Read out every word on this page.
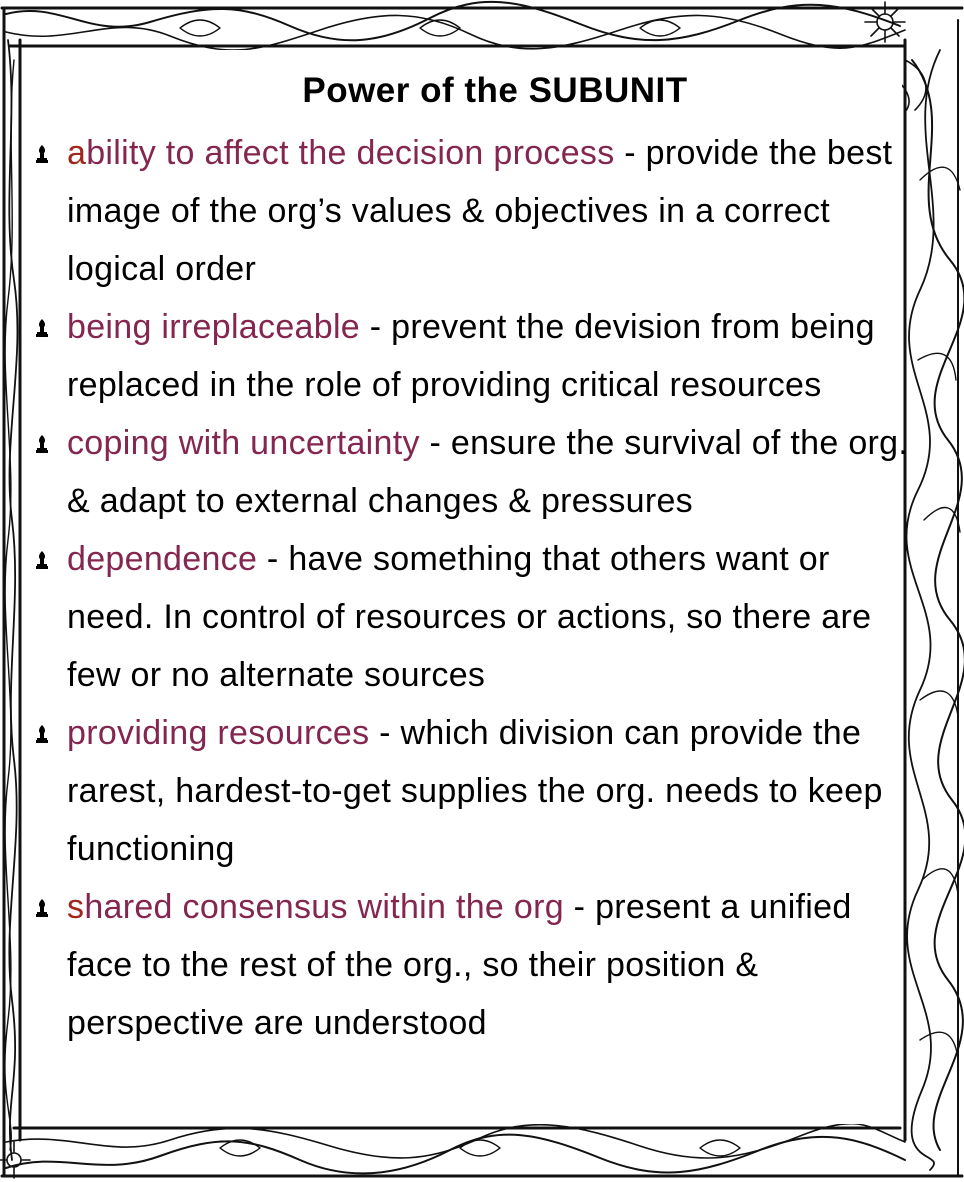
Power of the SUBUNIT
ability to affect the decision process - provide the best image of the org’s values & objectives in a correct logical order
being irreplaceable - prevent the devision from being replaced in the role of providing critical resources
coping with uncertainty - ensure the survival of the org. & adapt to external changes & pressures
dependence - have something that others want or need. In control of resources or actions, so there are few or no alternate sources
providing resources - which division can provide the rarest, hardest-to-get supplies the org. needs to keep functioning
shared consensus within the org - present a unified face to the rest of the org., so their position & perspective are understood
